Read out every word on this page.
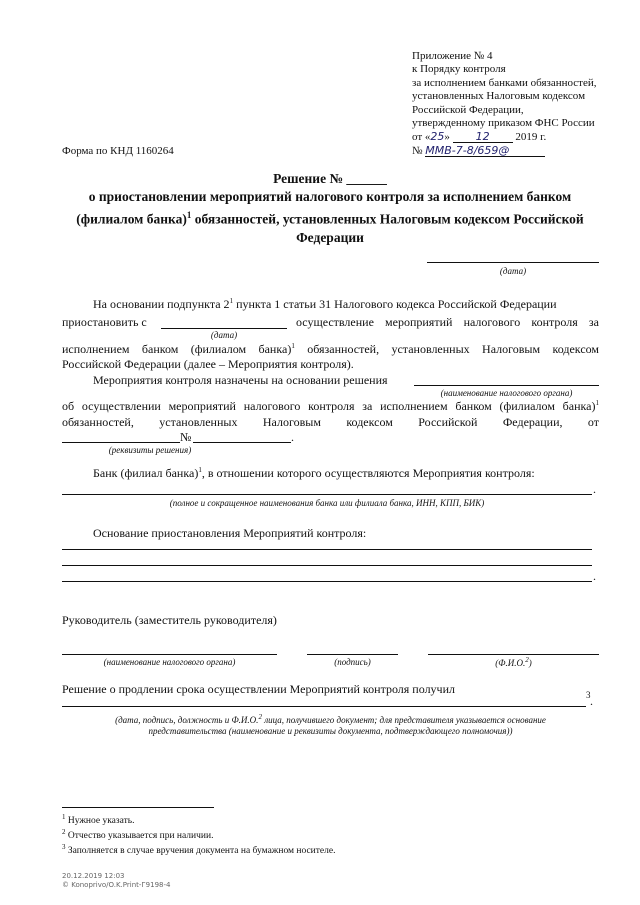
Приложение № 4
к Порядку контроля
за исполнением банками обязанностей,
установленных Налоговым кодексом
Российской Федерации,
утвержденному приказом ФНС России
от «25» 12 2019 г.
№ ММВ-7-8/659@
Форма по КНД 1160264
Решение № ______
о приостановлении мероприятий налогового контроля за исполнением банком
(филиалом банка)$^1$ обязанностей, установленных Налоговым кодексом Российской
Федерации
(дата)
На основании подпункта $2^1$ пункта 1 статьи 31 Налогового кодекса Российской Федерации
приостановить с	осуществление мероприятий налогового контроля за
(дата)
исполнением банком (филиалом банка)$^1$ обязанностей, установленных Налоговым кодексом
Российской Федерации (далее – Мероприятия контроля).
Мероприятия контроля назначены на основании решения
(наименование налогового органа)
об осуществлении мероприятий налогового контроля за исполнением банком (филиалом банка)$^1$
обязанностей, установленных Налоговым кодексом Российской Федерации, от
№	.
(реквизиты решения)
Банк (филиал банка)$^1$, в отношении которого осуществляются Мероприятия контроля:
.
(полное и сокращенное наименования банка или филиала банка, ИНН, КПП, БИК)
Основание приостановления Мероприятий контроля:
.
Руководитель (заместитель руководителя)
(наименование налогового органа)	(подпись)	(Ф.И.О.$^2$)
Решение о продлении срока осуществлении Мероприятий контроля получил	3 .
(дата, подпись, должность и Ф.И.О.$^2$ лица, получившего документ; для представителя указывается основание
представительства (наименование и реквизиты документа, подтверждающего полномочия))
$^1$ Нужное указать.
$^2$ Отчество указывается при наличии.
$^3$ Заполняется в случае вручения документа на бумажном носителе.
20.12.2019 12:03
© Konoprivo/O.K.Print-Г9198-4
